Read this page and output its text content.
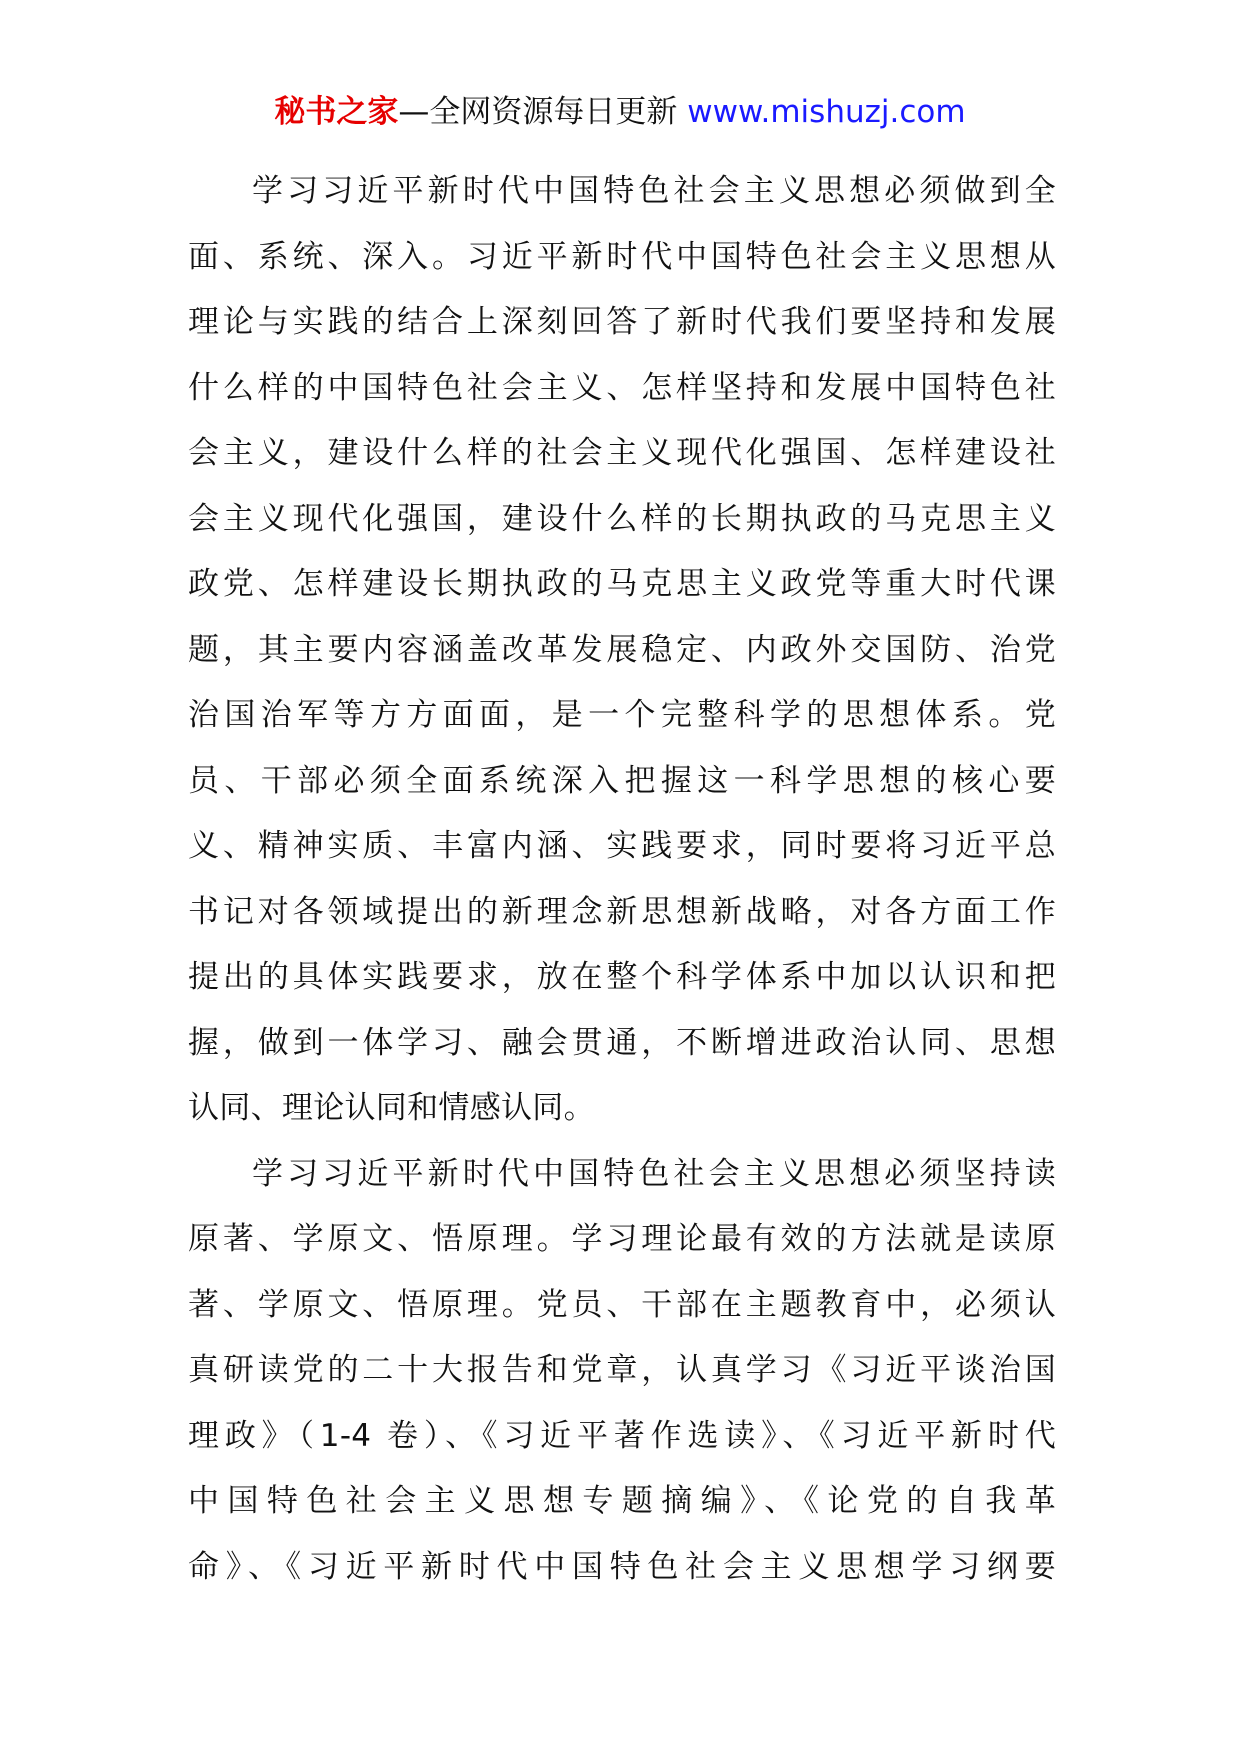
秘书之家—全网资源每日更新 www.mishuzj.com
学习习近平新时代中国特色社会主义思想必须做到全
面、系统、深入。习近平新时代中国特色社会主义思想从
理论与实践的结合上深刻回答了新时代我们要坚持和发展
什么样的中国特色社会主义、怎样坚持和发展中国特色社
会主义，建设什么样的社会主义现代化强国、怎样建设社
会主义现代化强国，建设什么样的长期执政的马克思主义
政党、怎样建设长期执政的马克思主义政党等重大时代课
题，其主要内容涵盖改革发展稳定、内政外交国防、治党
治国治军等方方面面，是一个完整科学的思想体系。党
员、干部必须全面系统深入把握这一科学思想的核心要
义、精神实质、丰富内涵、实践要求，同时要将习近平总
书记对各领域提出的新理念新思想新战略，对各方面工作
提出的具体实践要求，放在整个科学体系中加以认识和把
握，做到一体学习、融会贯通，不断增进政治认同、思想
认同、理论认同和情感认同。
学习习近平新时代中国特色社会主义思想必须坚持读
原著、学原文、悟原理。学习理论最有效的方法就是读原
著、学原文、悟原理。党员、干部在主题教育中，必须认
真研读党的二十大报告和党章，认真学习《习近平谈治国
理政》（1-4 卷）、《习近平著作选读》、《习近平新时代
中国特色社会主义思想专题摘编》、《论党的自我革
命》、《习近平新时代中国特色社会主义思想学习纲要
